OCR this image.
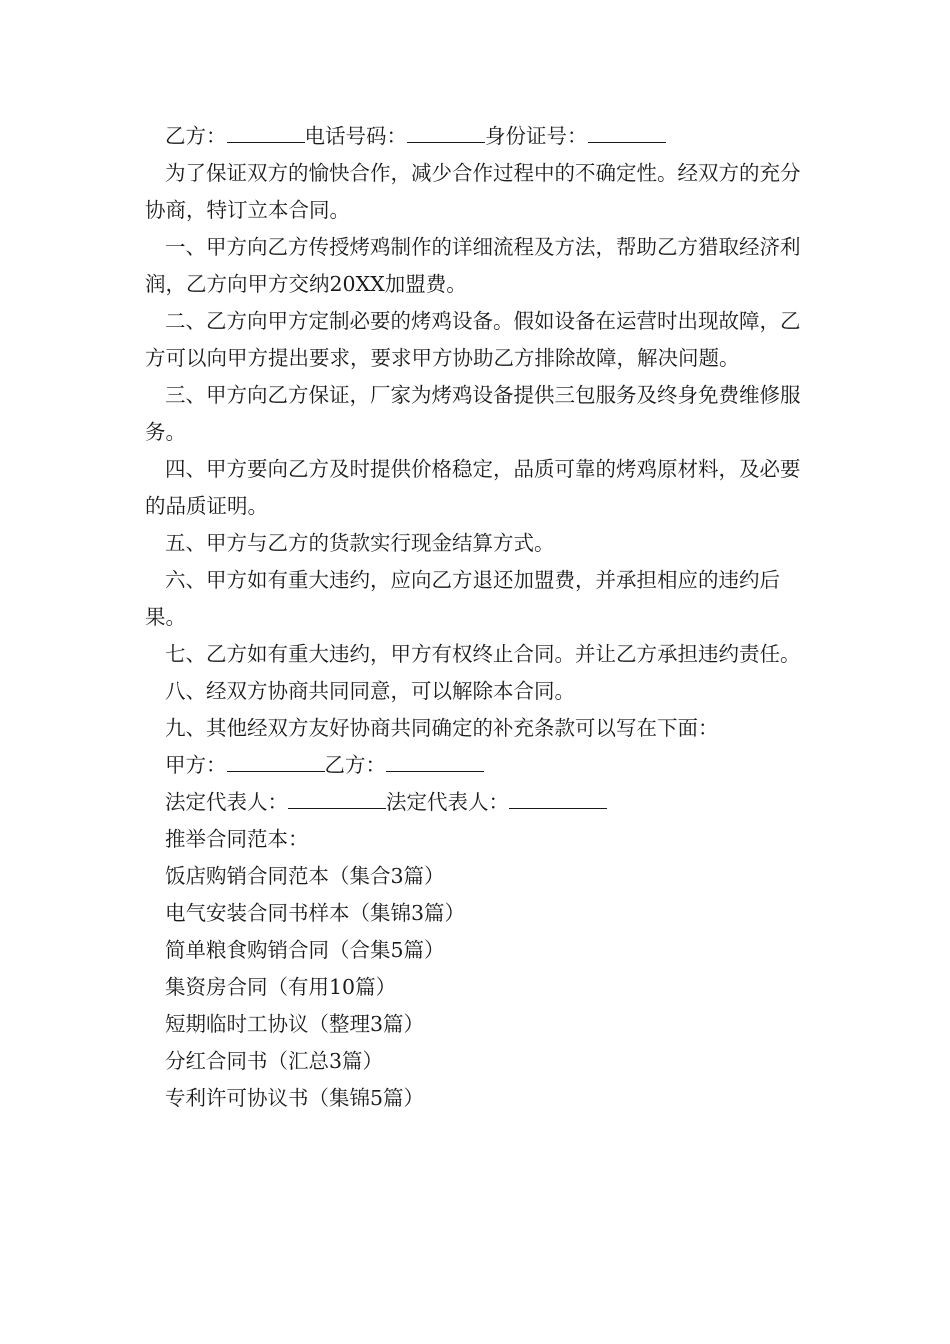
乙方：	电话号码：	身份证号：

为了保证双方的愉快合作，减少合作过程中的不确定性。经双方的充分协商，特订立本合同。

一、甲方向乙方传授烤鸡制作的详细流程及方法，帮助乙方猎取经济利润，乙方向甲方交纳20XX加盟费。

二、乙方向甲方定制必要的烤鸡设备。假如设备在运营时出现故障，乙方可以向甲方提出要求，要求甲方协助乙方排除故障，解决问题。

三、甲方向乙方保证，厂家为烤鸡设备提供三包服务及终身免费维修服务。

四、甲方要向乙方及时提供价格稳定，品质可靠的烤鸡原材料，及必要的品质证明。

五、甲方与乙方的货款实行现金结算方式。

六、甲方如有重大违约，应向乙方退还加盟费，并承担相应的违约后果。

七、乙方如有重大违约，甲方有权终止合同。并让乙方承担违约责任。

八、经双方协商共同同意，可以解除本合同。

九、其他经双方友好协商共同确定的补充条款可以写在下面：

甲方：	乙方：

法定代表人：	法定代表人：

推举合同范本：

饭店购销合同范本（集合3篇）

电气安装合同书样本（集锦3篇）

简单粮食购销合同（合集5篇）

集资房合同（有用10篇）

短期临时工协议（整理3篇）

分红合同书（汇总3篇）

专利许可协议书（集锦5篇）
